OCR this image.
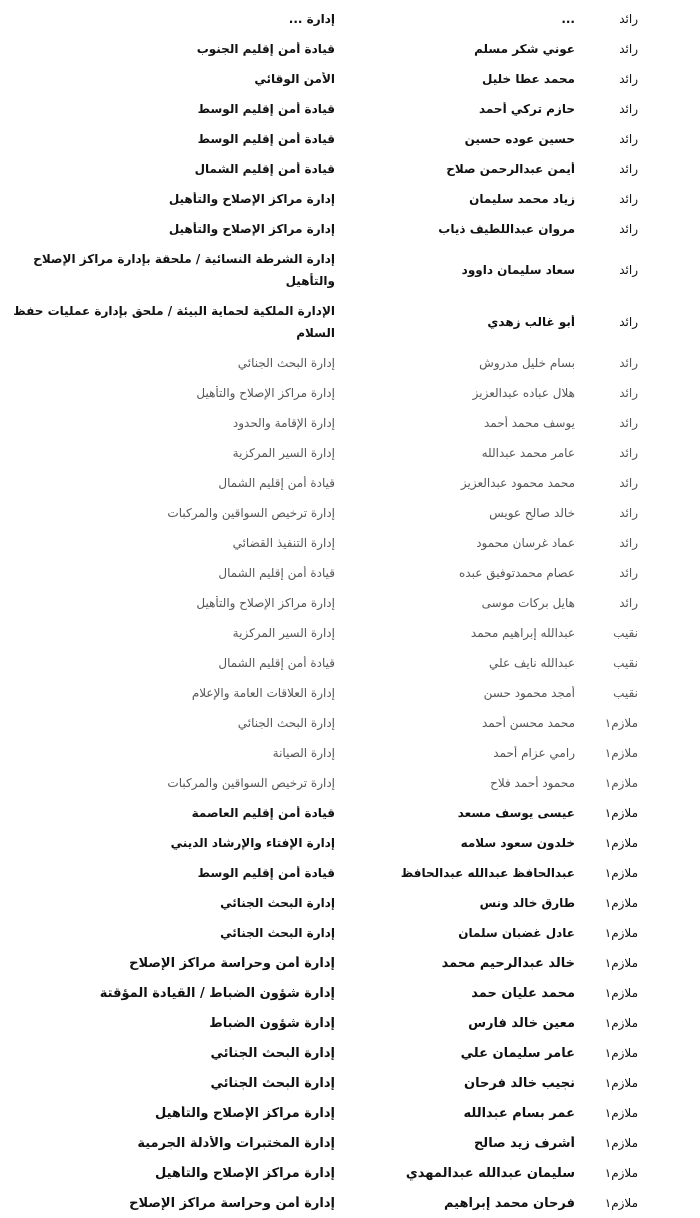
رائد
...
إدارة ...
رائد
عوني شكر مسلم
قيادة أمن إقليم الجنوب
رائد
محمد عطا خليل
الأمن الوقائي
رائد
حازم تركي أحمد
قيادة أمن إقليم الوسط
رائد
حسين عوده حسين
قيادة أمن إقليم الوسط
رائد
أيمن عبدالرحمن صلاح
قيادة أمن إقليم الشمال
رائد
زياد محمد سليمان
إدارة مراكز الإصلاح والتأهيل
رائد
مروان عبداللطيف ذياب
إدارة مراكز الإصلاح والتأهيل
رائد
سعاد سليمان داوود
إدارة الشرطة النسائية / ملحقة بإدارة مراكز الإصلاح والتأهيل
رائد
أبو غالب زهدي
الإدارة الملكية لحماية البيئة / ملحق بإدارة عمليات حفظ السلام
رائد
بسام خليل مدروش
إدارة البحث الجنائي
رائد
هلال عباده عبدالعزيز
إدارة مراكز الإصلاح والتأهيل
رائد
يوسف محمد أحمد
إدارة الإقامة والحدود
رائد
عامر محمد عبدالله
إدارة السير المركزية
رائد
محمد محمود عبدالعزيز
قيادة أمن إقليم الشمال
رائد
خالد صالح عويس
إدارة ترخيص السواقين والمركبات
رائد
عماد غرسان محمود
إدارة التنفيذ القضائي
رائد
عصام محمدتوفيق عبده
قيادة أمن إقليم الشمال
رائد
هايل بركات موسى
إدارة مراكز الإصلاح والتأهيل
نقيب
عبدالله إبراهيم محمد
إدارة السير المركزية
نقيب
عبدالله نايف علي
قيادة أمن إقليم الشمال
نقيب
أمجد محمود حسن
إدارة العلاقات العامة والإعلام
ملازم١
محمد محسن أحمد
إدارة البحث الجنائي
ملازم١
رامي عزام أحمد
إدارة الصيانة
ملازم١
محمود أحمد فلاح
إدارة ترخيص السواقين والمركبات
ملازم١
عيسى يوسف مسعد
قيادة أمن إقليم العاصمة
ملازم١
خلدون سعود سلامه
إدارة الإفتاء والإرشاد الديني
ملازم١
عبدالحافظ عبدالله عبدالحافظ
قيادة أمن إقليم الوسط
ملازم١
طارق خالد ونس
إدارة البحث الجنائي
ملازم١
عادل غضبان سلمان
إدارة البحث الجنائي
ملازم١
خالد عبدالرحيم محمد
إدارة أمن وحراسة مراكز الإصلاح
ملازم١
محمد عليان حمد
إدارة شؤون الضباط / القيادة المؤقتة
ملازم١
معين خالد فارس
إدارة شؤون الضباط
ملازم١
عامر سليمان علي
إدارة البحث الجنائي
ملازم١
نجيب خالد فرحان
إدارة البحث الجنائي
ملازم١
عمر بسام عبدالله
إدارة مراكز الإصلاح والتأهيل
ملازم١
أشرف زيد صالح
إدارة المختبرات والأدلة الجرمية
ملازم١
سليمان عبدالله عبدالمهدي
إدارة مراكز الإصلاح والتأهيل
ملازم١
فرحان محمد إبراهيم
إدارة أمن وحراسة مراكز الإصلاح
